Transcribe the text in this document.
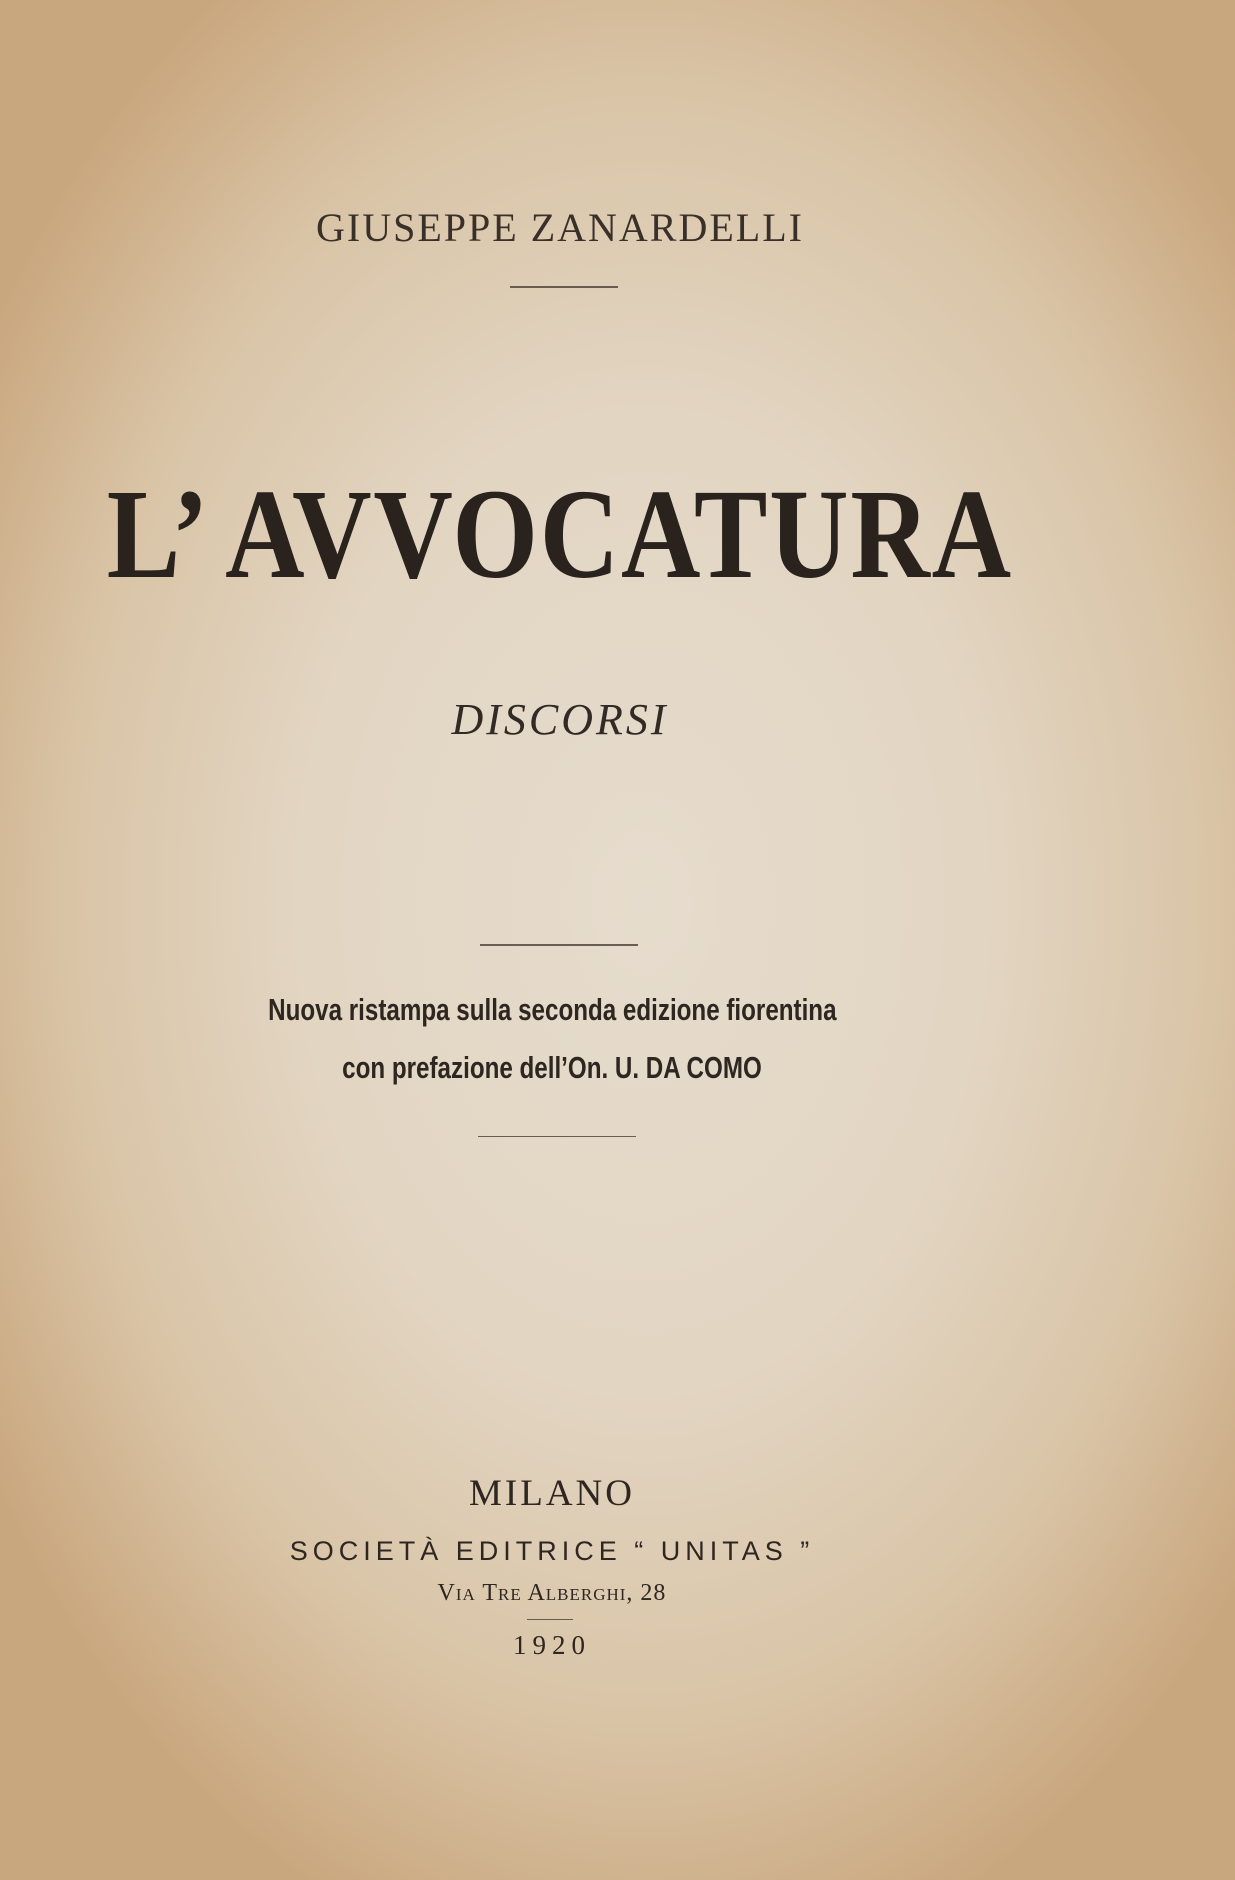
GIUSEPPE ZANARDELLI
L’ AVVOCATURA
DISCORSI
Nuova ristampa sulla seconda edizione fiorentina
con prefazione dell’On. U. DA COMO
MILANO
SOCIETÀ EDITRICE “ UNITAS ”
Via Tre Alberghi, 28
1920
